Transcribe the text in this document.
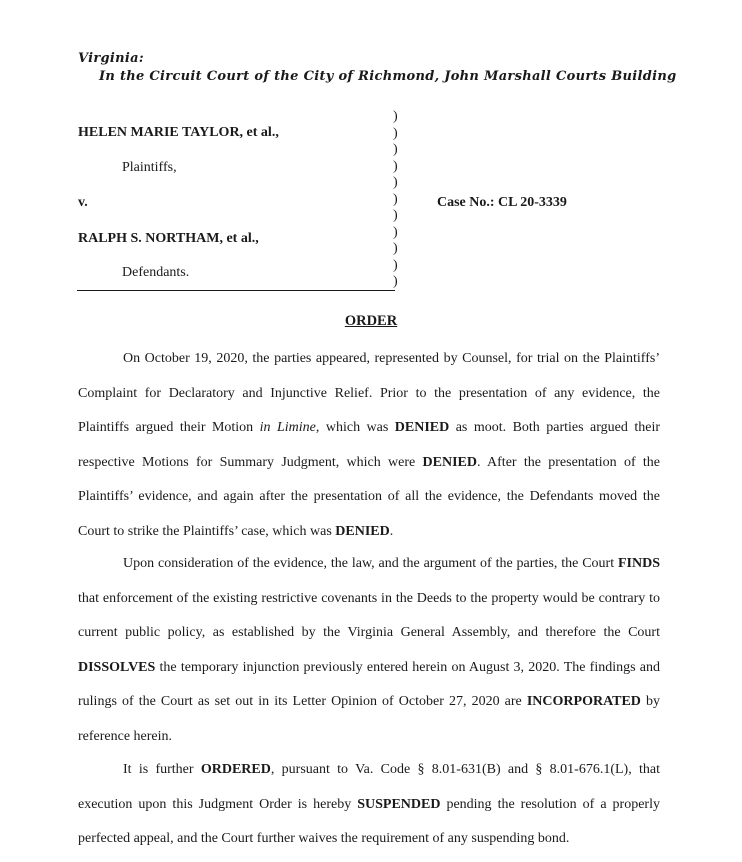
Virginia:
In the Circuit Court of the City of Richmond, John Marshall Courts Building
HELEN MARIE TAYLOR, et al.,
Plaintiffs,
v.
RALPH S. NORTHAM, et al.,
Defendants.
)
)
)
)
)
)
)
)
)
)
)
Case No.: CL 20-3339
ORDER
On October 19, 2020, the parties appeared, represented by Counsel, for trial on the Plaintiffs’ Complaint for Declaratory and Injunctive Relief. Prior to the presentation of any evidence, the Plaintiffs argued their Motion in Limine, which was DENIED as moot. Both parties argued their respective Motions for Summary Judgment, which were DENIED. After the presentation of the Plaintiffs’ evidence, and again after the presentation of all the evidence, the Defendants moved the Court to strike the Plaintiffs’ case, which was DENIED.
Upon consideration of the evidence, the law, and the argument of the parties, the Court FINDS that enforcement of the existing restrictive covenants in the Deeds to the property would be contrary to current public policy, as established by the Virginia General Assembly, and therefore the Court DISSOLVES the temporary injunction previously entered herein on August 3, 2020. The findings and rulings of the Court as set out in its Letter Opinion of October 27, 2020 are INCORPORATED by reference herein.
It is further ORDERED, pursuant to Va. Code § 8.01-631(B) and § 8.01-676.1(L), that execution upon this Judgment Order is hereby SUSPENDED pending the resolution of a properly perfected appeal, and the Court further waives the requirement of any suspending bond.
